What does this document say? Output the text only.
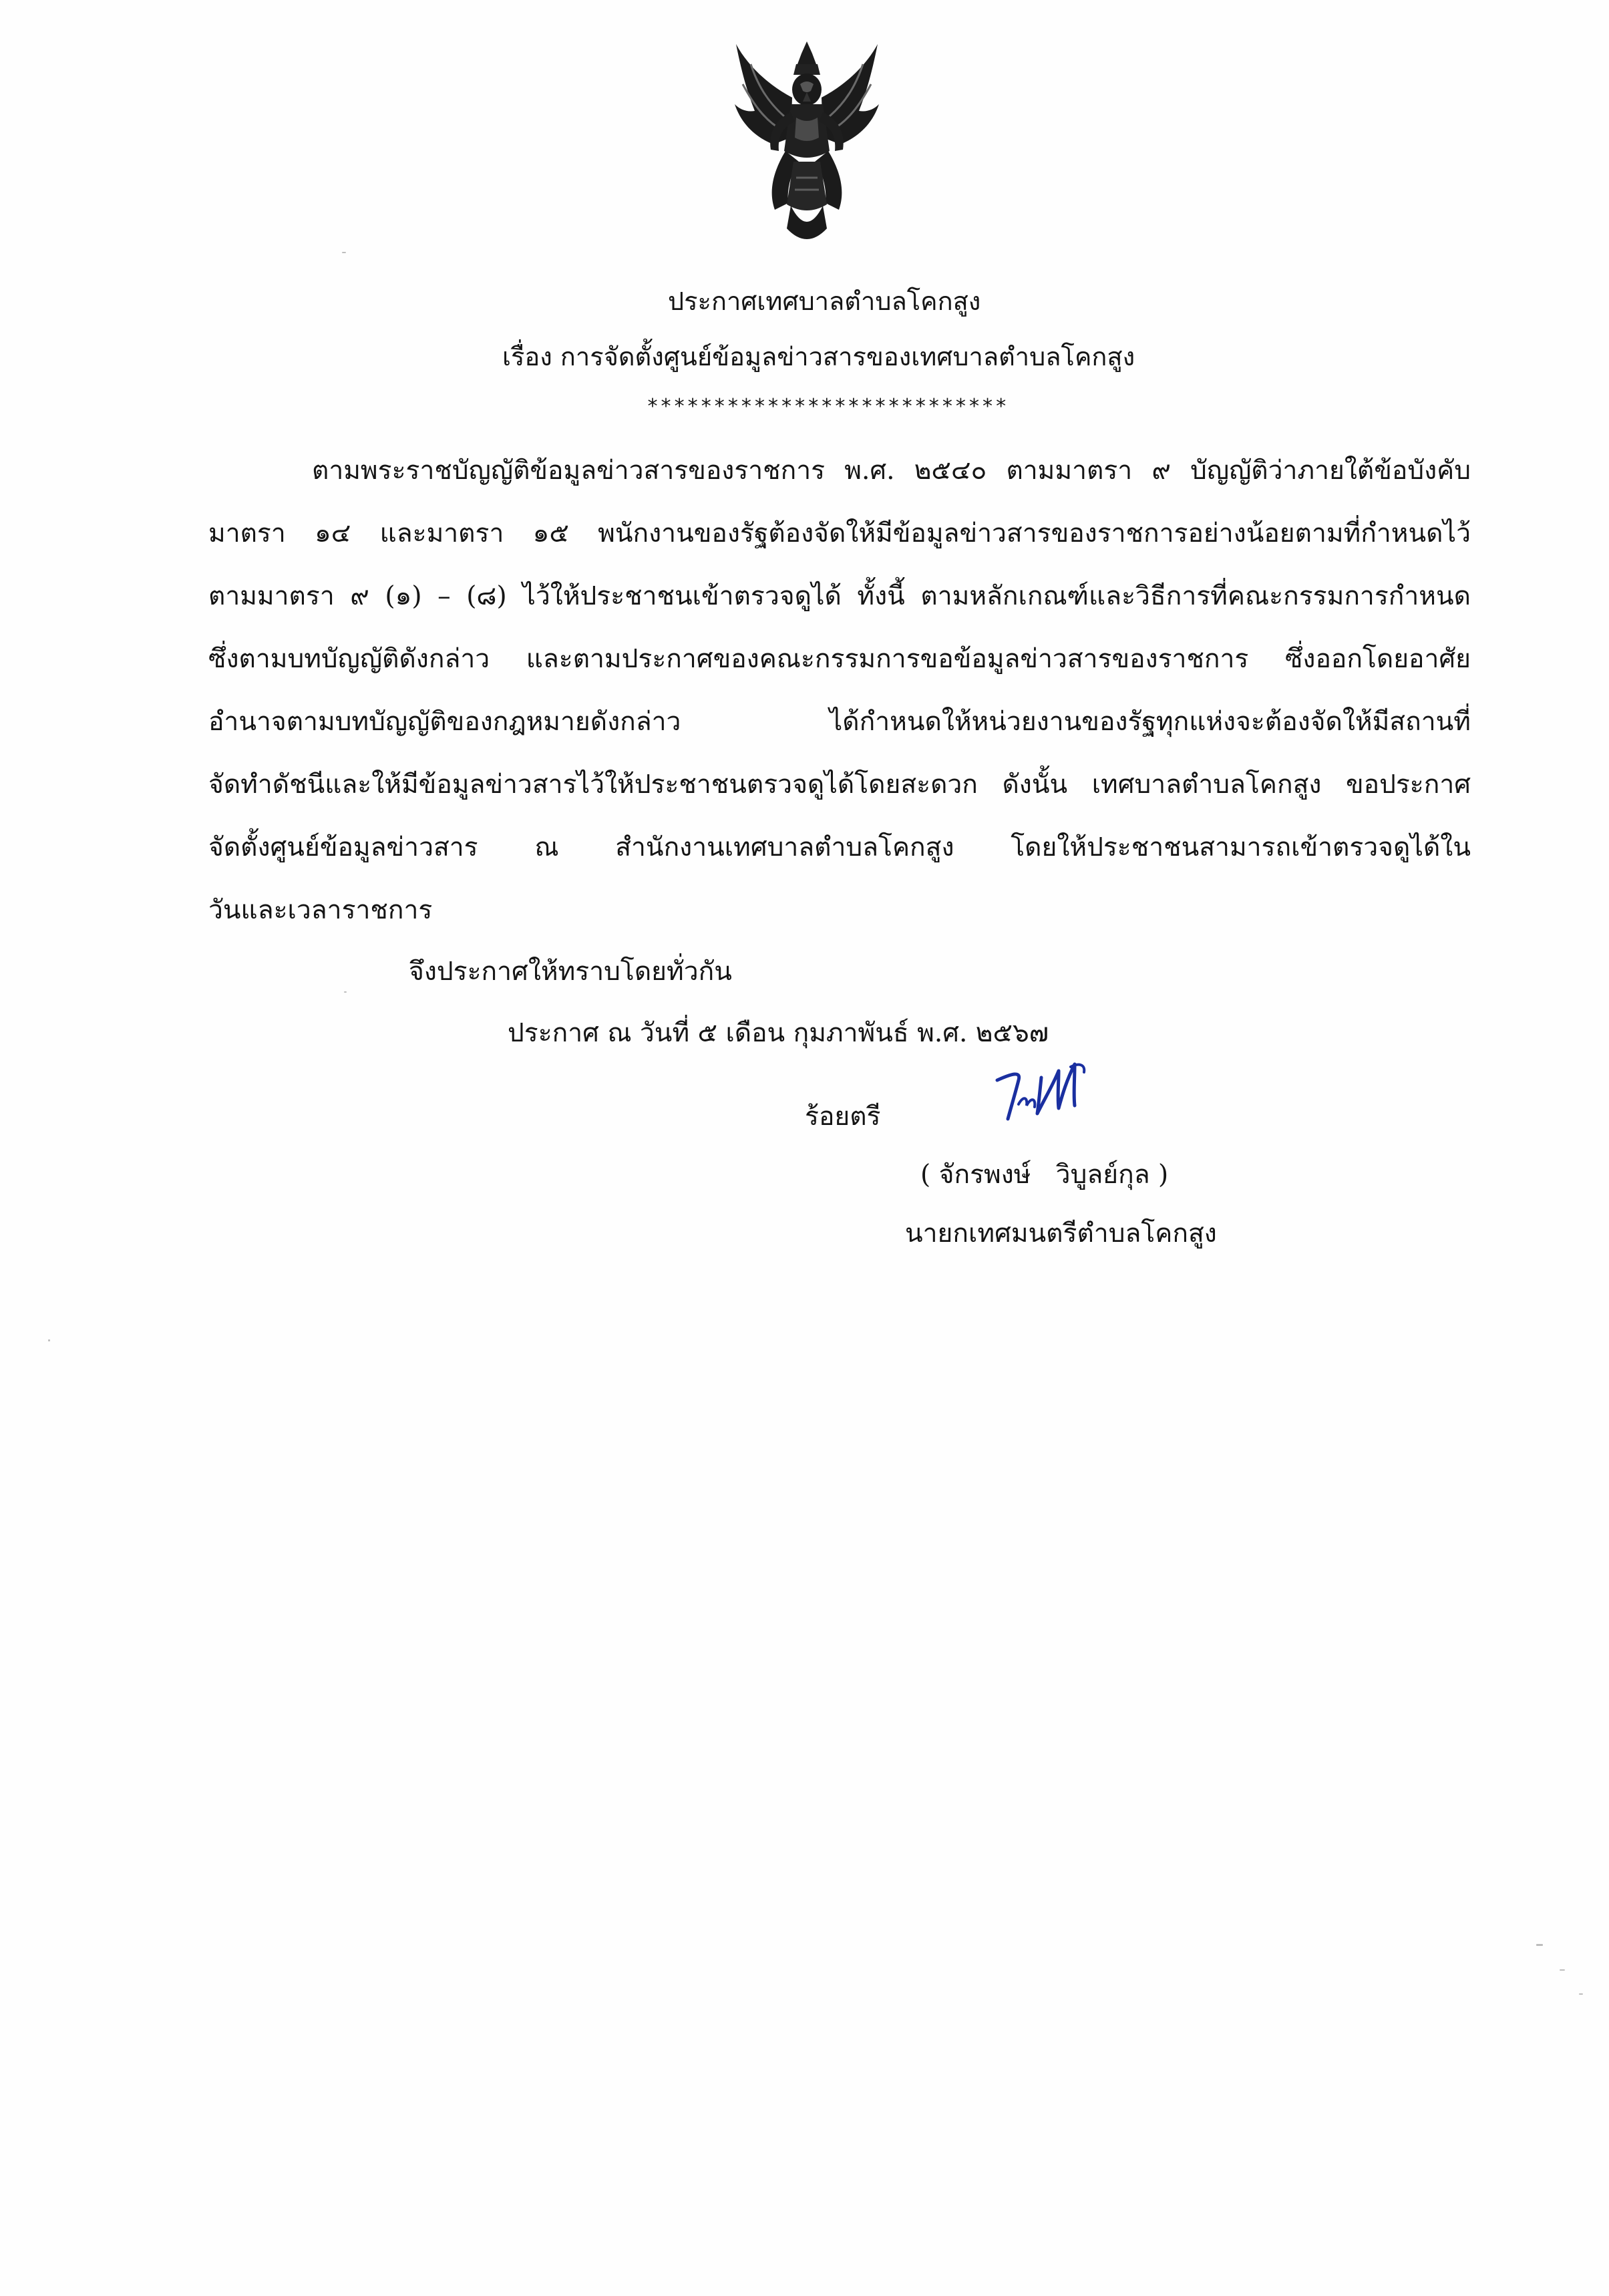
ประกาศเทศบาลตำบลโคกสูง
เรื่อง การจัดตั้งศูนย์ข้อมูลข่าวสารของเทศบาลตำบลโคกสูง
***************************
ตามพระราชบัญญัติข้อมูลข่าวสารของราชการ พ.ศ. ๒๕๔๐ ตามมาตรา ๙ บัญญัติว่าภายใต้ข้อบังคับ
มาตรา ๑๔ และมาตรา ๑๕ พนักงานของรัฐต้องจัดให้มีข้อมูลข่าวสารของราชการอย่างน้อยตามที่กำหนดไว้
ตามมาตรา ๙ (๑) – (๘) ไว้ให้ประชาชนเข้าตรวจดูได้ ทั้งนี้ ตามหลักเกณฑ์และวิธีการที่คณะกรรมการกำหนด
ซึ่งตามบทบัญญัติดังกล่าว และตามประกาศของคณะกรรมการขอข้อมูลข่าวสารของราชการ ซึ่งออกโดยอาศัย
อำนาจตามบทบัญญัติของกฎหมายดังกล่าว ได้กำหนดให้หน่วยงานของรัฐทุกแห่งจะต้องจัดให้มีสถานที่
จัดทำดัชนีและให้มีข้อมูลข่าวสารไว้ให้ประชาชนตรวจดูได้โดยสะดวก ดังนั้น เทศบาลตำบลโคกสูง ขอประกาศ
จัดตั้งศูนย์ข้อมูลข่าวสาร ณ สำนักงานเทศบาลตำบลโคกสูง โดยให้ประชาชนสามารถเข้าตรวจดูได้ใน
วันและเวลาราชการ
จึงประกาศให้ทราบโดยทั่วกัน
ประกาศ ณ วันที่ ๕ เดือน กุมภาพันธ์ พ.ศ. ๒๕๖๗
ร้อยตรี
( จักรพงษ์   วิบูลย์กุล )
นายกเทศมนตรีตำบลโคกสูง
